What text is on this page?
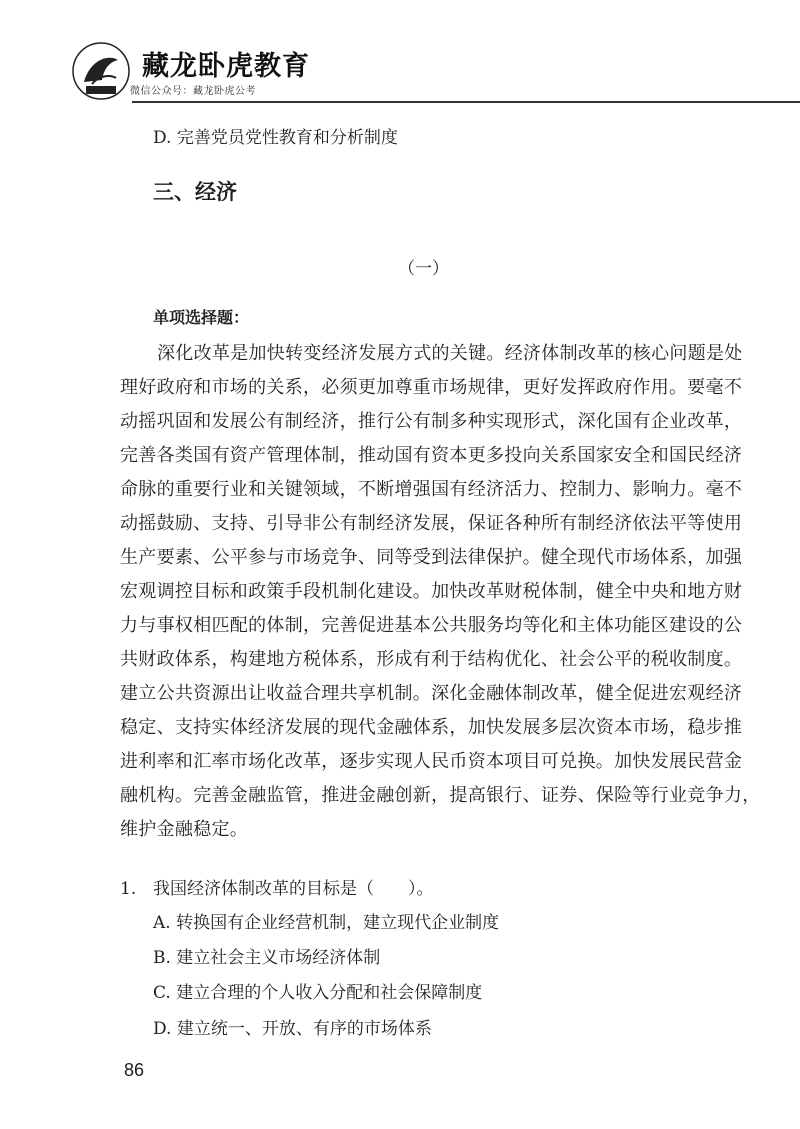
藏龙卧虎教育
微信公众号：藏龙卧虎公考
D. 完善党员党性教育和分析制度
三、经济
（一）
单项选择题：
深化改革是加快转变经济发展方式的关键。经济体制改革的核心问题是处
理好政府和市场的关系，必须更加尊重市场规律，更好发挥政府作用。要毫不
动摇巩固和发展公有制经济，推行公有制多种实现形式，深化国有企业改革，
完善各类国有资产管理体制，推动国有资本更多投向关系国家安全和国民经济
命脉的重要行业和关键领域，不断增强国有经济活力、控制力、影响力。毫不
动摇鼓励、支持、引导非公有制经济发展，保证各种所有制经济依法平等使用
生产要素、公平参与市场竞争、同等受到法律保护。健全现代市场体系，加强
宏观调控目标和政策手段机制化建设。加快改革财税体制，健全中央和地方财
力与事权相匹配的体制，完善促进基本公共服务均等化和主体功能区建设的公
共财政体系，构建地方税体系，形成有利于结构优化、社会公平的税收制度。
建立公共资源出让收益合理共享机制。深化金融体制改革，健全促进宏观经济
稳定、支持实体经济发展的现代金融体系，加快发展多层次资本市场，稳步推
进利率和汇率市场化改革，逐步实现人民币资本项目可兑换。加快发展民营金
融机构。完善金融监管，推进金融创新，提高银行、证券、保险等行业竞争力，
维护金融稳定。
1. 我国经济体制改革的目标是（　　）。
A. 转换国有企业经营机制，建立现代企业制度
B. 建立社会主义市场经济体制
C. 建立合理的个人收入分配和社会保障制度
D. 建立统一、开放、有序的市场体系
86
